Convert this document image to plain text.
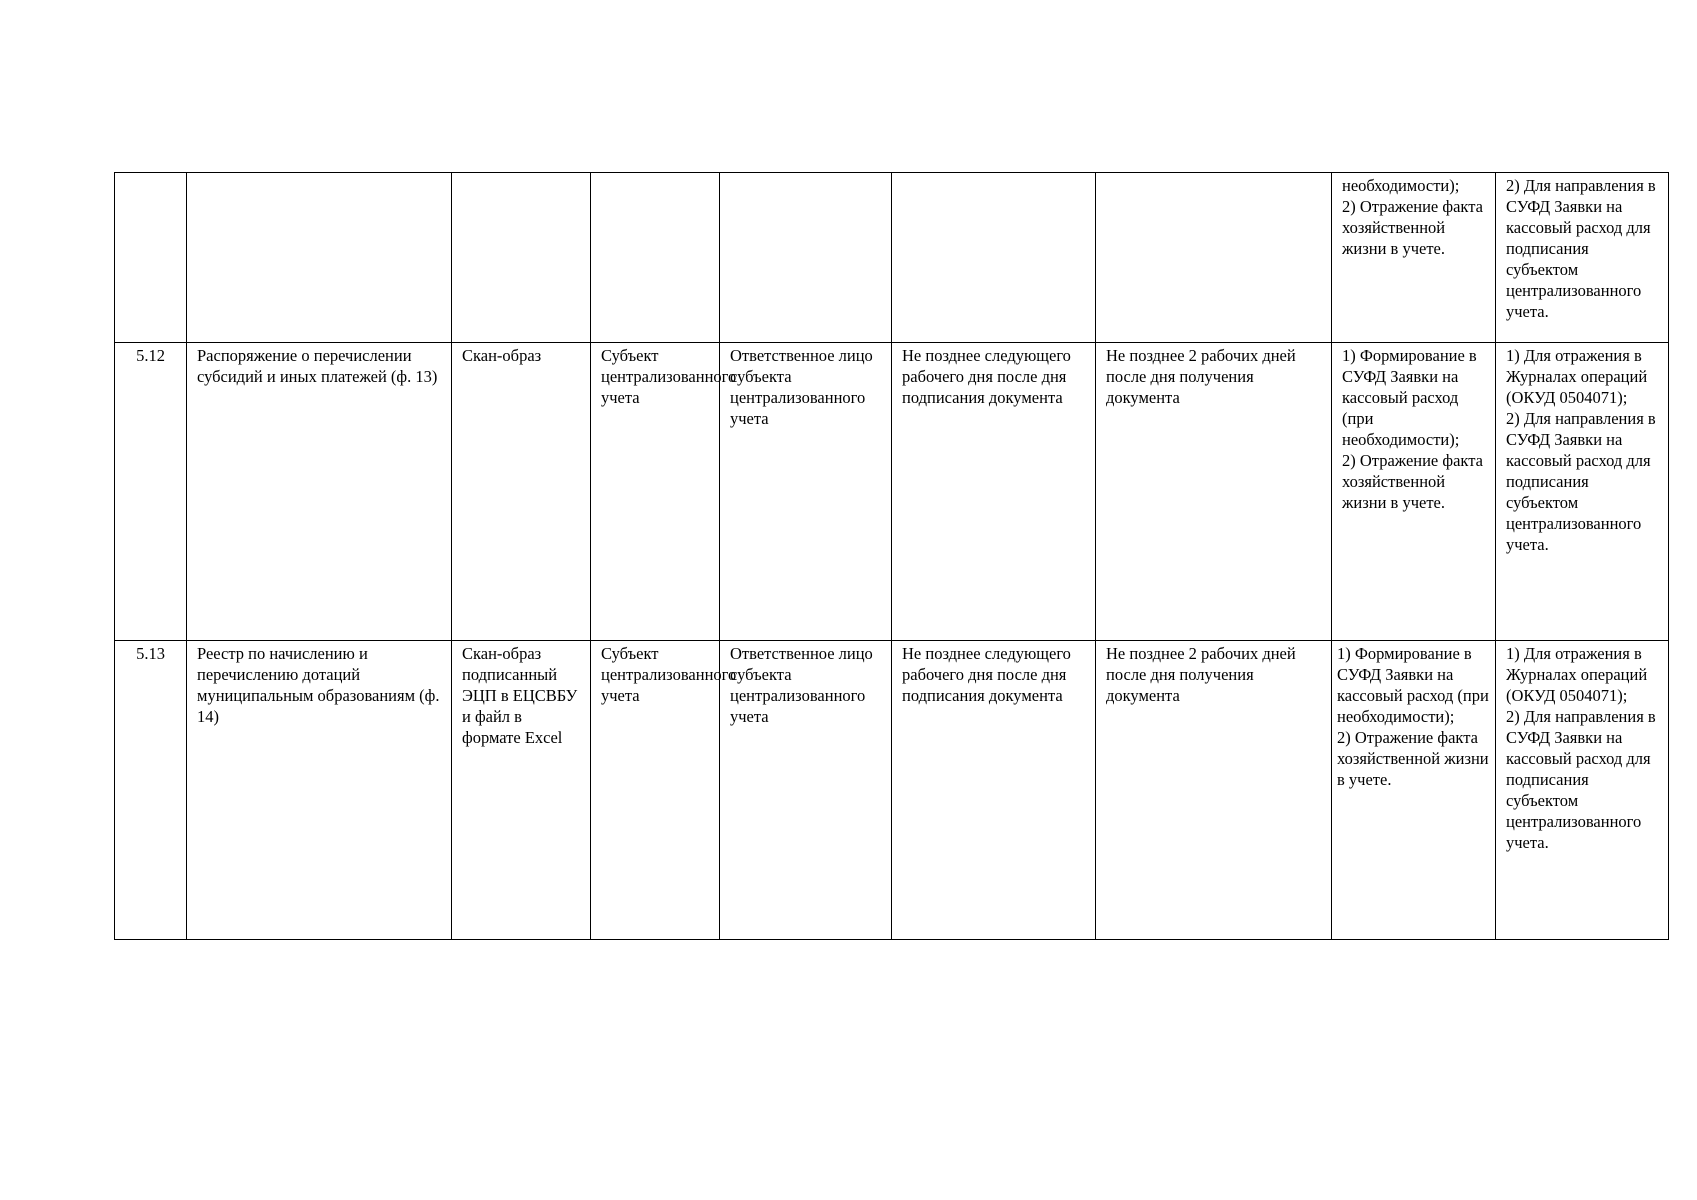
							необходимости);
2) Отражение факта хозяйственной жизни в учете.	2) Для направления в СУФД Заявки на кассовый расход для подписания субъектом централизованного учета.
5.12	Распоряжение о перечислении субсидий и иных платежей (ф. 13)	Скан-образ	Субъект централизованного учета	Ответственное лицо субъекта централизованного учета	Не позднее следующего рабочего дня после дня подписания документа	Не позднее 2 рабочих дней после дня получения документа	1) Формирование в СУФД Заявки на кассовый расход (при необходимости);
2) Отражение факта хозяйственной жизни в учете.	1) Для отражения в Журналах операций (ОКУД 0504071);
2) Для направления в СУФД Заявки на кассовый расход для подписания субъектом централизованного учета.
5.13	Реестр по начислению и перечислению дотаций муниципальным образованиям (ф. 14)	Скан-образ подписанный ЭЦП в ЕЦСВБУ и файл в формате Excel	Субъект централизованного учета	Ответственное лицо субъекта централизованного учета	Не позднее следующего рабочего дня после дня подписания документа	Не позднее 2 рабочих дней после дня получения документа	1) Формирование в СУФД Заявки на кассовый расход (при необходимости);
2) Отражение факта хозяйственной жизни в учете.	1) Для отражения в Журналах операций (ОКУД 0504071);
2) Для направления в СУФД Заявки на кассовый расход для подписания субъектом централизованного учета.
